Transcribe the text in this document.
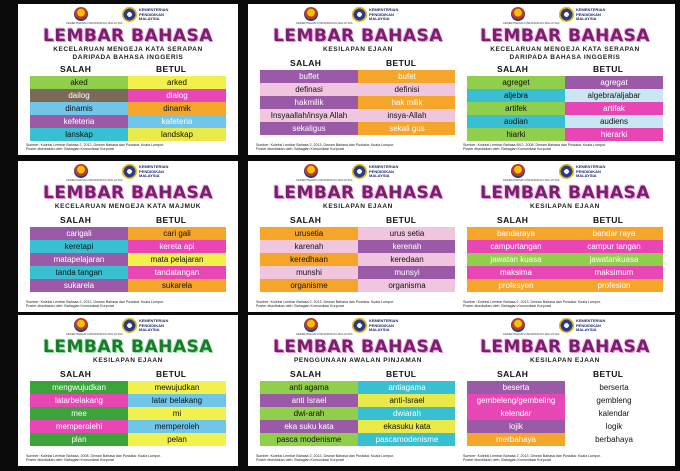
KEMENTERIAN PENDIDIKAN MALAYSIA
KEMENTERIAN
PENDIDIKAN
MALAYSIA
LEMBAR BAHASA
KECELARUAN MENGEJA KATA SERAPAN
DARIPADA BAHASA INGGERIS
SALAH	BETUL
aked	arked
dailog	dialog
dinamis	dinamik
kefeteria	kafeteria
lanskap	landskap
Sumber: Koleksi Lembar Bahasa 2, 2012. Dewan Bahasa dan Pustaka: Kuala Lumpur.
Poster disediakan oleh: Bahagian Komunikasi Korporat
KEMENTERIAN PENDIDIKAN MALAYSIA
KEMENTERIAN
PENDIDIKAN
MALAYSIA
LEMBAR BAHASA
KESILAPAN EJAAN
SALAH	BETUL
buffet	bufet
definasi	definisi
hakmilik	hak milik
Insyaallah/insya Allah	insya-Allah
sekaligus	sekali gus
Sumber: Koleksi Lembar Bahasa 2, 2013. Dewan Bahasa dan Pustaka: Kuala Lumpur.
Poster disediakan oleh: Bahagian Komunikasi Korporat
KEMENTERIAN PENDIDIKAN MALAYSIA
KEMENTERIAN
PENDIDIKAN
MALAYSIA
LEMBAR BAHASA
KECELARUAN MENGEJA KATA SERAPAN
DARIPADA BAHASA INGGERIS
SALAH	BETUL
agreget	agregat
aljebra	algebra/aljabar
artifek	artifak
audian	audiens
hiarki	hierarki
Sumber: Koleksi Lembar Bahasa Bil.2, 2008. Dewan Bahasa dan Pustaka: Kuala Lumpur.
Poster disediakan oleh: Bahagian Komunikasi Korporat
KEMENTERIAN PENDIDIKAN MALAYSIA
KEMENTERIAN
PENDIDIKAN
MALAYSIA
LEMBAR BAHASA
KECELARUAN MENGEJA KATA MAJMUK
SALAH	BETUL
carigali	cari gali
keretapi	kereta api
matapelajaran	mata pelajaran
tanda tangan	tandatangan
sukarela	sukarela
Sumber: Koleksi Lembar Bahasa 2, 2012. Dewan Bahasa dan Pustaka: Kuala Lumpur.
Poster disediakan oleh: Bahagian Komunikasi Korporat
KEMENTERIAN PENDIDIKAN MALAYSIA
KEMENTERIAN
PENDIDIKAN
MALAYSIA
LEMBAR BAHASA
KESILAPAN EJAAN
SALAH	BETUL
urusetia	urus setia
karenah	kerenah
keredhaan	keredaan
munshi	munsyi
organisme	organisma
Sumber: Koleksi Lembar Bahasa 2, 2013. Dewan Bahasa dan Pustaka: Kuala Lumpur.
Poster disediakan oleh: Bahagian Komunikasi Korporat
KEMENTERIAN PENDIDIKAN MALAYSIA
KEMENTERIAN
PENDIDIKAN
MALAYSIA
LEMBAR BAHASA
KESILAPAN EJAAN
SALAH	BETUL
bandaraya	bandar raya
campurtangan	campur tangan
jawatan kuasa	jawatankuasa
maksima	maksimum
profesyen	profesion
Sumber: Koleksi Lembar Bahasa 2, 2013. Dewan Bahasa dan Pustaka: Kuala Lumpur.
Poster disediakan oleh: Bahagian Komunikasi Korporat
KEMENTERIAN PENDIDIKAN MALAYSIA
KEMENTERIAN
PENDIDIKAN
MALAYSIA
LEMBAR BAHASA
KESILAPAN EJAAN
SALAH	BETUL
mengwujudkan	mewujudkan
latarbelakang	latar belakang
mee	mi
memperolehi	memperoleh
plan	pelan
Sumber: Koleksi Lembar Bahasa, 2008. Dewan Bahasa dan Pustaka: Kuala Lumpur.
Poster disediakan oleh: Bahagian Komunikasi Korporat
KEMENTERIAN PENDIDIKAN MALAYSIA
KEMENTERIAN
PENDIDIKAN
MALAYSIA
LEMBAR BAHASA
PENGGUNAAN AWALAN PINJAMAN
SALAH	BETUL
anti agama	antiagama
anti Israel	anti-Israel
dwi-arah	dwiarah
eka suku kata	ekasuku kata
pasca modenisme	pascamodenisme
Sumber: Koleksi Lembar Bahasa 2, 2013. Dewan Bahasa dan Pustaka: Kuala Lumpur.
Poster disediakan oleh: Bahagian Komunikasi Korporat
KEMENTERIAN PENDIDIKAN MALAYSIA
KEMENTERIAN
PENDIDIKAN
MALAYSIA
LEMBAR BAHASA
KESILAPAN EJAAN
SALAH	BETUL
beserta	berserta
gembeleng/gembeling	gembleng
kelendar	kalendar
lojik	logik
merbahaya	berbahaya
Sumber: Koleksi Lembar Bahasa 2, 2013. Dewan Bahasa dan Pustaka: Kuala Lumpur.
Poster disediakan oleh: Bahagian Komunikasi Korporat
